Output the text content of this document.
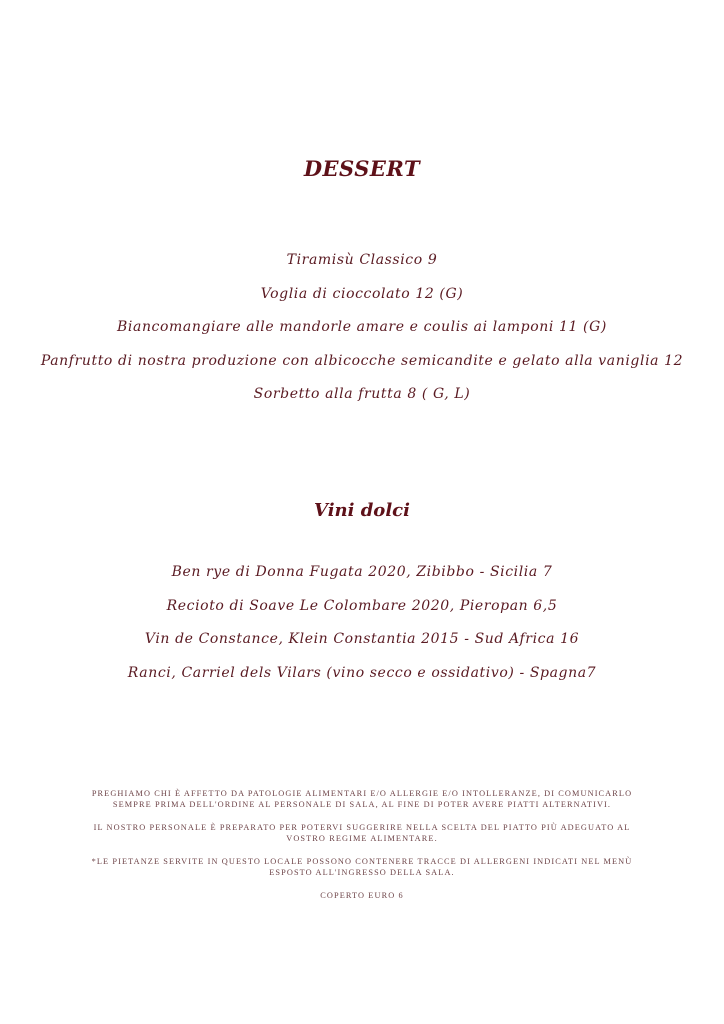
DESSERT
Tiramisù Classico 9
Voglia di cioccolato 12 (G)
Biancomangiare alle mandorle amare e coulis ai lamponi 11 (G)
Panfrutto di nostra produzione con albicocche semicandite e gelato alla vaniglia 12
Sorbetto alla frutta 8 ( G, L)
Vini dolci
Ben rye di Donna Fugata 2020, Zibibbo - Sicilia 7
Recioto di Soave Le Colombare 2020, Pieropan 6,5
Vin de Constance, Klein Constantia 2015 - Sud Africa 16
Ranci, Carriel dels Vilars (vino secco e ossidativo) - Spagna7

PREGHIAMO CHI È AFFETTO DA PATOLOGIE ALIMENTARI E/O ALLERGIE E/O INTOLLERANZE, DI COMUNICARLO SEMPRE PRIMA DELL'ORDINE AL PERSONALE DI SALA, AL FINE DI POTER AVERE PIATTI ALTERNATIVI.

IL NOSTRO PERSONALE È PREPARATO PER POTERVI SUGGERIRE NELLA SCELTA DEL PIATTO PIÙ ADEGUATO AL VOSTRO REGIME ALIMENTARE.

*LE PIETANZE SERVITE IN QUESTO LOCALE POSSONO CONTENERE TRACCE DI ALLERGENI INDICATI NEL MENÙ ESPOSTO ALL'INGRESSO DELLA SALA.

COPERTO EURO 6
